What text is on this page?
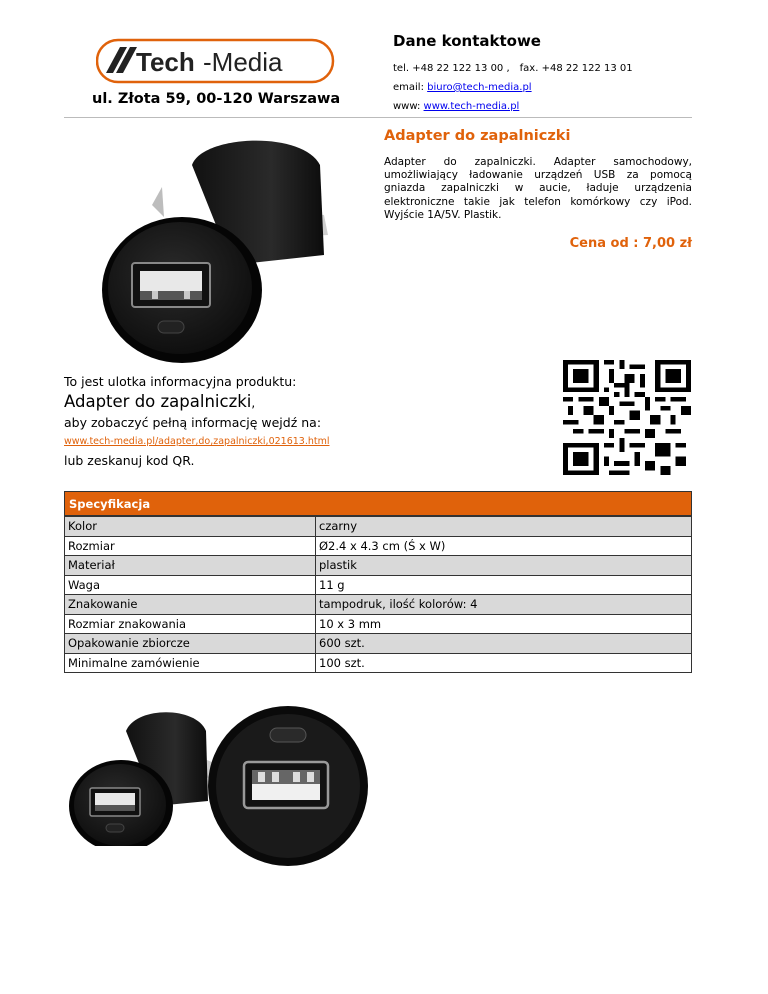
Tech -Media
ul. Złota 59, 00-120 Warszawa
Dane kontaktowe
tel. +48 22 122 13 00 , fax. +48 22 122 13 01
email: biuro@tech-media.pl
www: www.tech-media.pl
Adapter do zapalniczki
Adapter do zapalniczki. Adapter samochodowy, umożliwiający ładowanie urządzeń USB za pomocą gniazda zapalniczki w aucie, ładuje urządzenia elektroniczne takie jak telefon komórkowy czy iPod. Wyjście 1A/5V. Plastik.
Cena od : 7,00 zł
To jest ulotka informacyjna produktu:
Adapter do zapalniczki,
aby zobaczyć pełną informację wejdź na:
www.tech-media.pl/adapter,do,zapalniczki,021613.html
lub zeskanuj kod QR.
Specyfikacja
Kolor	czarny
Rozmiar	Ø2.4 x 4.3 cm (Ś x W)
Materiał	plastik
Waga	11 g
Znakowanie	tampodruk, ilość kolorów: 4
Rozmiar znakowania	10 x 3 mm
Opakowanie zbiorcze	600 szt.
Minimalne zamówienie	100 szt.
